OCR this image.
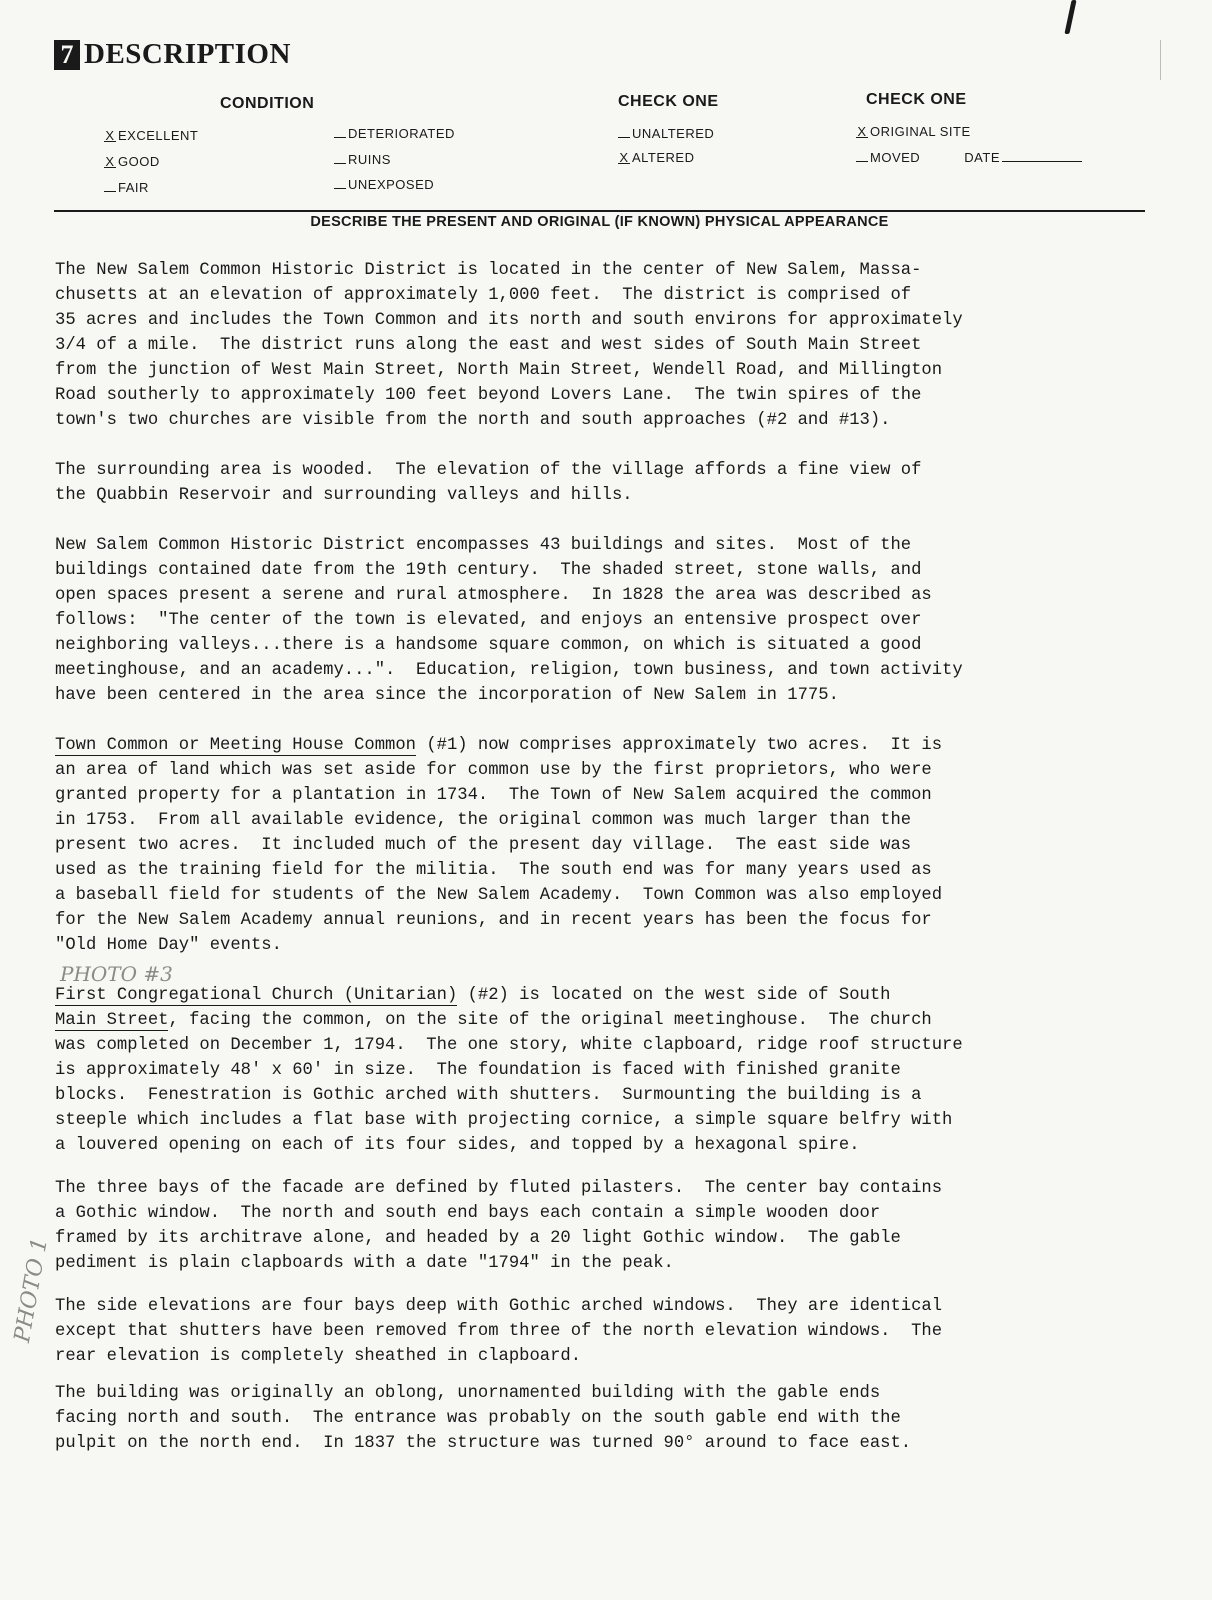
7 DESCRIPTION
CONDITION
X EXCELLENT
X GOOD
FAIR
DETERIORATED
RUINS
UNEXPOSED
CHECK ONE
UNALTERED
X ALTERED
CHECK ONE
X ORIGINAL SITE
MOVED	DATE
DESCRIBE THE PRESENT AND ORIGINAL (IF KNOWN) PHYSICAL APPEARANCE
PHOTO #3
PHOTO 1

The New Salem Common Historic District is located in the center of New Salem, Massa-
chusetts at an elevation of approximately 1,000 feet.  The district is comprised of
35 acres and includes the Town Common and its north and south environs for approximately
3/4 of a mile.  The district runs along the east and west sides of South Main Street
from the junction of West Main Street, North Main Street, Wendell Road, and Millington
Road southerly to approximately 100 feet beyond Lovers Lane.  The twin spires of the
town's two churches are visible from the north and south approaches (#2 and #13).

The surrounding area is wooded.  The elevation of the village affords a fine view of
the Quabbin Reservoir and surrounding valleys and hills.

New Salem Common Historic District encompasses 43 buildings and sites.  Most of the
buildings contained date from the 19th century.  The shaded street, stone walls, and
open spaces present a serene and rural atmosphere.  In 1828 the area was described as
follows:  "The center of the town is elevated, and enjoys an entensive prospect over
neighboring valleys...there is a handsome square common, on which is situated a good
meetinghouse, and an academy...".  Education, religion, town business, and town activity
have been centered in the area since the incorporation of New Salem in 1775.

Town Common or Meeting House Common (#1) now comprises approximately two acres.  It is
an area of land which was set aside for common use by the first proprietors, who were
granted property for a plantation in 1734.  The Town of New Salem acquired the common
in 1753.  From all available evidence, the original common was much larger than the
present two acres.  It included much of the present day village.  The east side was
used as the training field for the militia.  The south end was for many years used as
a baseball field for students of the New Salem Academy.  Town Common was also employed
for the New Salem Academy annual reunions, and in recent years has been the focus for
"Old Home Day" events.

First Congregational Church (Unitarian) (#2) is located on the west side of South
Main Street, facing the common, on the site of the original meetinghouse.  The church
was completed on December 1, 1794.  The one story, white clapboard, ridge roof structure
is approximately 48' x 60' in size.  The foundation is faced with finished granite
blocks.  Fenestration is Gothic arched with shutters.  Surmounting the building is a
steeple which includes a flat base with projecting cornice, a simple square belfry with
a louvered opening on each of its four sides, and topped by a hexagonal spire.

The three bays of the facade are defined by fluted pilasters.  The center bay contains
a Gothic window.  The north and south end bays each contain a simple wooden door
framed by its architrave alone, and headed by a 20 light Gothic window.  The gable
pediment is plain clapboards with a date "1794" in the peak.

The side elevations are four bays deep with Gothic arched windows.  They are identical
except that shutters have been removed from three of the north elevation windows.  The
rear elevation is completely sheathed in clapboard.

The building was originally an oblong, unornamented building with the gable ends
facing north and south.  The entrance was probably on the south gable end with the
pulpit on the north end.  In 1837 the structure was turned 90° around to face east.
